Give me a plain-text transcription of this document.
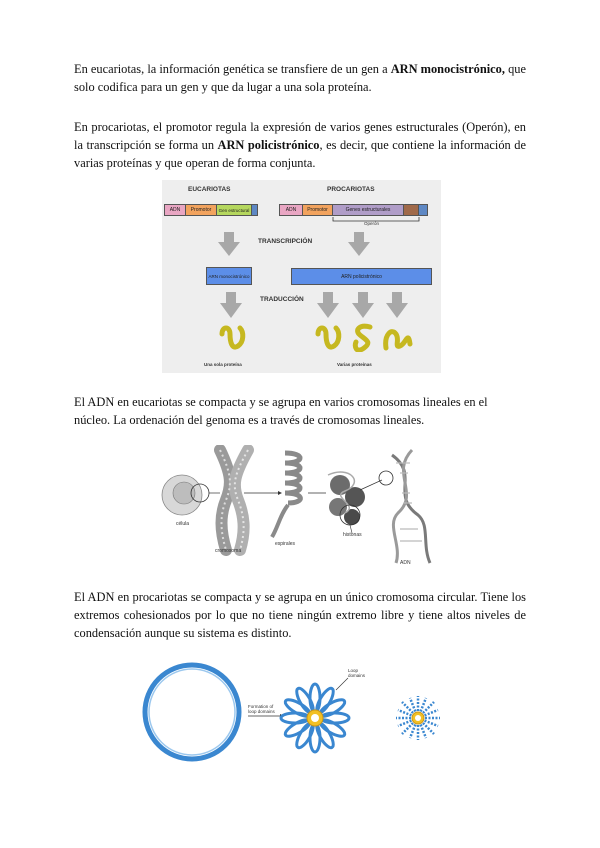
En eucariotas, la información genética se transfiere de un gen a ARN monocistrónico, que solo codifica para un gen y que da lugar a una sola proteína.

En procariotas, el promotor regula la expresión de varios genes estructurales (Operón), en la transcripción se forma un ARN policistrónico, es decir, que contiene la información de varias proteínas y que operan de forma conjunta.

EUCARIOTAS	PROCARIOTAS
ADN Promotor Gen estructural	ADN Promotor	Genes estructurales
Operón
TRANSCRIPCIÓN
ARN monocistrónico	ARN policistrónico
TRADUCCIÓN
Una sola proteína	Varias proteínas

El ADN en eucariotas se compacta y se agrupa en varios cromosomas lineales en el núcleo. La ordenación del genoma es a través de cromosomas lineales.

célula
cromosoma
espirales
histonas
ADN

El ADN en procariotas se compacta y se agrupa en un único cromosoma circular. Tiene los extremos cohesionados por lo que no tiene ningún extremo libre y tiene altos niveles de condensación aunque su sistema es distinto.

Formation of loop domains
Loop domains
